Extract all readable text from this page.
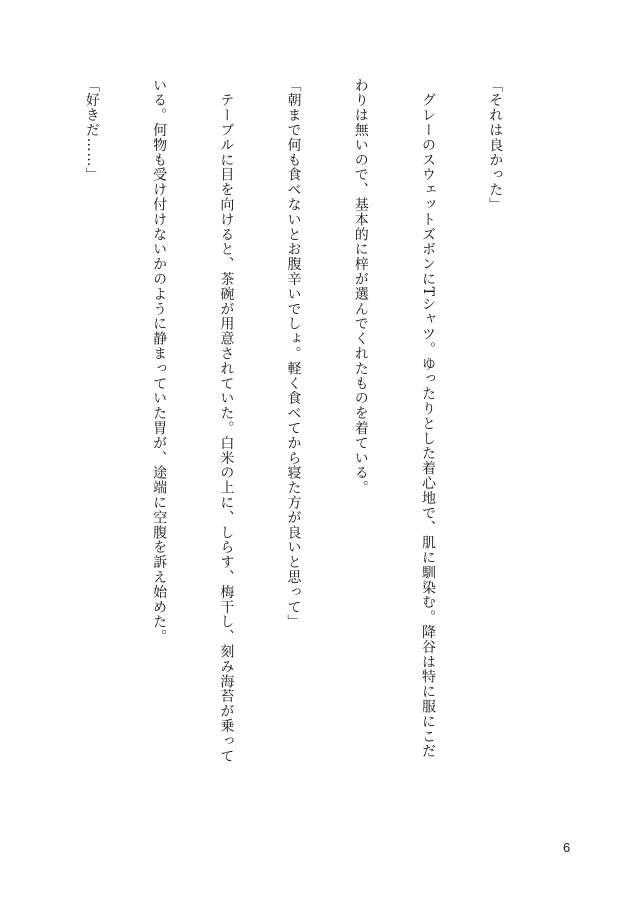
「それは良かった」

　グレーのスウェットズボンにTシャツ。ゆったりとした着心地で、肌に馴染む。降谷は特に服にこだ

わりは無いので、基本的に梓が選んでくれたものを着ている。

「朝まで何も食べないとお腹辛いでしょ。軽く食べてから寝た方が良いと思って」

　テーブルに目を向けると、茶碗が用意されていた。白米の上に、しらす、梅干し、刻み海苔が乗って

いる。何物も受け付けないかのように静まっていた胃が、途端に空腹を訴え始めた。

「好きだ……」

6
